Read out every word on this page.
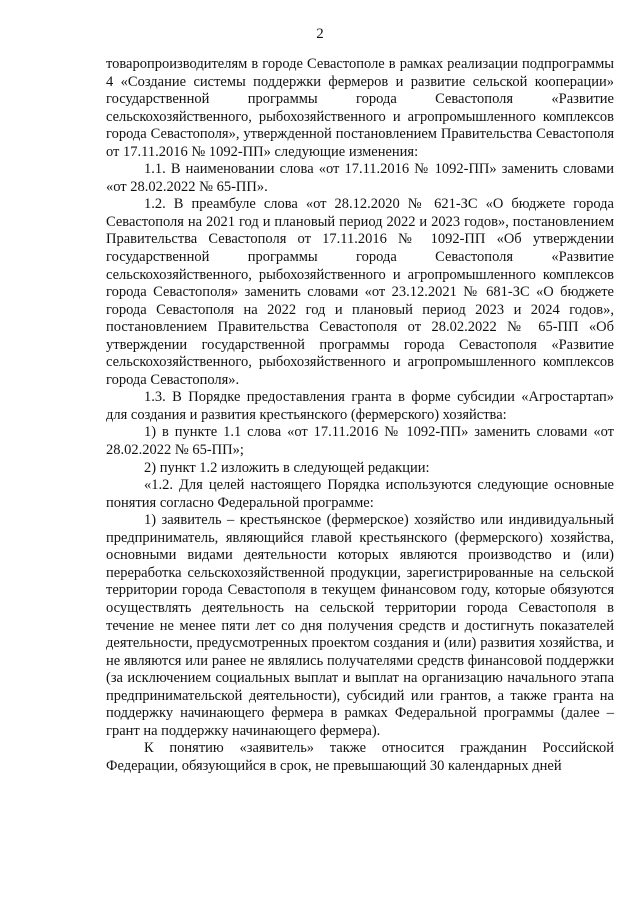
2

товаропроизводителям в городе Севастополе в рамках реализации подпрограммы 4 «Создание системы поддержки фермеров и развитие сельской кооперации» государственной программы города Севастополя «Развитие сельскохозяйственного, рыбохозяйственного и агропромышленного комплексов города Севастополя», утвержденной постановлением Правительства Севастополя от 17.11.2016 № 1092-ПП» следующие изменения:

1.1. В наименовании слова «от 17.11.2016 № 1092-ПП» заменить словами «от 28.02.2022 № 65-ПП».

1.2. В преамбуле слова «от 28.12.2020 № 621-ЗС «О бюджете города Севастополя на 2021 год и плановый период 2022 и 2023 годов», постановлением Правительства Севастополя от 17.11.2016 № 1092-ПП «Об утверждении государственной программы города Севастополя «Развитие сельскохозяйственного, рыбохозяйственного и агропромышленного комплексов города Севастополя» заменить словами «от 23.12.2021 № 681-ЗС «О бюджете города Севастополя на 2022 год и плановый период 2023 и 2024 годов», постановлением Правительства Севастополя от 28.02.2022 № 65-ПП «Об утверждении государственной программы города Севастополя «Развитие сельскохозяйственного, рыбохозяйственного и агропромышленного комплексов города Севастополя».

1.3. В Порядке предоставления гранта в форме субсидии «Агростартап» для создания и развития крестьянского (фермерского) хозяйства:

1) в пункте 1.1 слова «от 17.11.2016 № 1092-ПП» заменить словами «от 28.02.2022 № 65-ПП»;

2) пункт 1.2 изложить в следующей редакции:

«1.2. Для целей настоящего Порядка используются следующие основные понятия согласно Федеральной программе:

1) заявитель – крестьянское (фермерское) хозяйство или индивидуальный предприниматель, являющийся главой крестьянского (фермерского) хозяйства, основными видами деятельности которых являются производство и (или) переработка сельскохозяйственной продукции, зарегистрированные на сельской территории города Севастополя в текущем финансовом году, которые обязуются осуществлять деятельность на сельской территории города Севастополя в течение не менее пяти лет со дня получения средств и достигнуть показателей деятельности, предусмотренных проектом создания и (или) развития хозяйства, и не являются или ранее не являлись получателями средств финансовой поддержки (за исключением социальных выплат и выплат на организацию начального этапа предпринимательской деятельности), субсидий или грантов, а также гранта на поддержку начинающего фермера в рамках Федеральной программы (далее – грант на поддержку начинающего фермера).

К понятию «заявитель» также относится гражданин Российской Федерации, обязующийся в срок, не превышающий 30 календарных дней
